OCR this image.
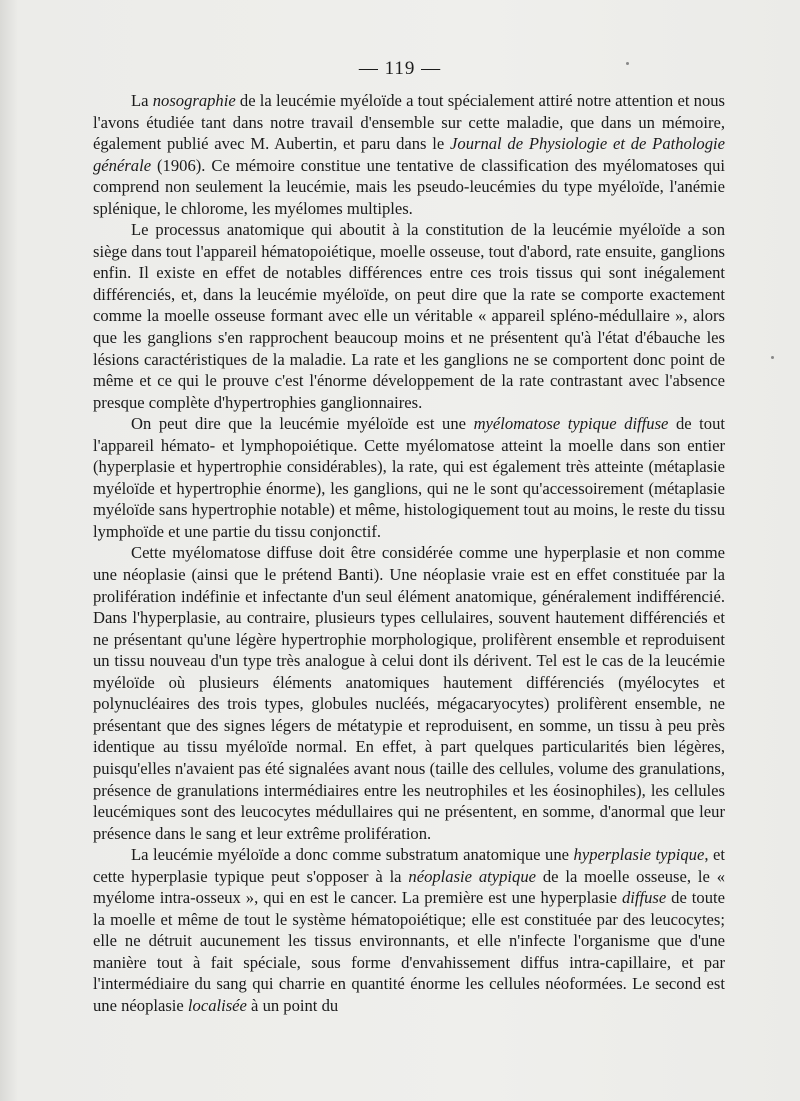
— 119 —

La nosographie de la leucémie myéloïde a tout spécialement attiré notre attention et nous l'avons étudiée tant dans notre travail d'ensemble sur cette maladie, que dans un mémoire, également publié avec M. Aubertin, et paru dans le Journal de Physiologie et de Pathologie générale (1906). Ce mémoire constitue une tentative de classification des myélomatoses qui comprend non seulement la leucémie, mais les pseudo-leucémies du type myéloïde, l'anémie splénique, le chlorome, les myélomes multiples.

Le processus anatomique qui aboutit à la constitution de la leucémie myéloïde a son siège dans tout l'appareil hématopoiétique, moelle osseuse, tout d'abord, rate ensuite, ganglions enfin. Il existe en effet de notables différences entre ces trois tissus qui sont inégalement différenciés, et, dans la leucémie myéloïde, on peut dire que la rate se comporte exactement comme la moelle osseuse formant avec elle un véritable « appareil spléno-médullaire », alors que les ganglions s'en rapprochent beaucoup moins et ne présentent qu'à l'état d'ébauche les lésions caractéristiques de la maladie. La rate et les ganglions ne se comportent donc point de même et ce qui le prouve c'est l'énorme développement de la rate contrastant avec l'absence presque complète d'hypertrophies ganglionnaires.

On peut dire que la leucémie myéloïde est une myélomatose typique diffuse de tout l'appareil hémato- et lymphopoiétique. Cette myélomatose atteint la moelle dans son entier (hyperplasie et hypertrophie considérables), la rate, qui est également très atteinte (métaplasie myéloïde et hypertrophie énorme), les ganglions, qui ne le sont qu'accessoirement (métaplasie myéloïde sans hypertrophie notable) et même, histologiquement tout au moins, le reste du tissu lymphoïde et une partie du tissu conjonctif.

Cette myélomatose diffuse doit être considérée comme une hyperplasie et non comme une néoplasie (ainsi que le prétend Banti). Une néoplasie vraie est en effet constituée par la prolifération indéfinie et infectante d'un seul élément anatomique, généralement indifférencié. Dans l'hyperplasie, au contraire, plusieurs types cellulaires, souvent hautement différenciés et ne présentant qu'une légère hypertrophie morphologique, prolifèrent ensemble et reproduisent un tissu nouveau d'un type très analogue à celui dont ils dérivent. Tel est le cas de la leucémie myéloïde où plusieurs éléments anatomiques hautement différenciés (myélocytes et polynucléaires des trois types, globules nucléés, mégacaryocytes) prolifèrent ensemble, ne présentant que des signes légers de métatypie et reproduisent, en somme, un tissu à peu près identique au tissu myéloïde normal. En effet, à part quelques particularités bien légères, puisqu'elles n'avaient pas été signalées avant nous (taille des cellules, volume des granulations, présence de granulations intermédiaires entre les neutrophiles et les éosinophiles), les cellules leucémiques sont des leucocytes médullaires qui ne présentent, en somme, d'anormal que leur présence dans le sang et leur extrême prolifération.

La leucémie myéloïde a donc comme substratum anatomique une hyperplasie typique, et cette hyperplasie typique peut s'opposer à la néoplasie atypique de la moelle osseuse, le « myélome intra-osseux », qui en est le cancer. La première est une hyperplasie diffuse de toute la moelle et même de tout le système hématopoiétique; elle est constituée par des leucocytes; elle ne détruit aucunement les tissus environnants, et elle n'infecte l'organisme que d'une manière tout à fait spéciale, sous forme d'envahissement diffus intra-capillaire, et par l'intermédiaire du sang qui charrie en quantité énorme les cellules néoformées. Le second est une néoplasie localisée à un point du
